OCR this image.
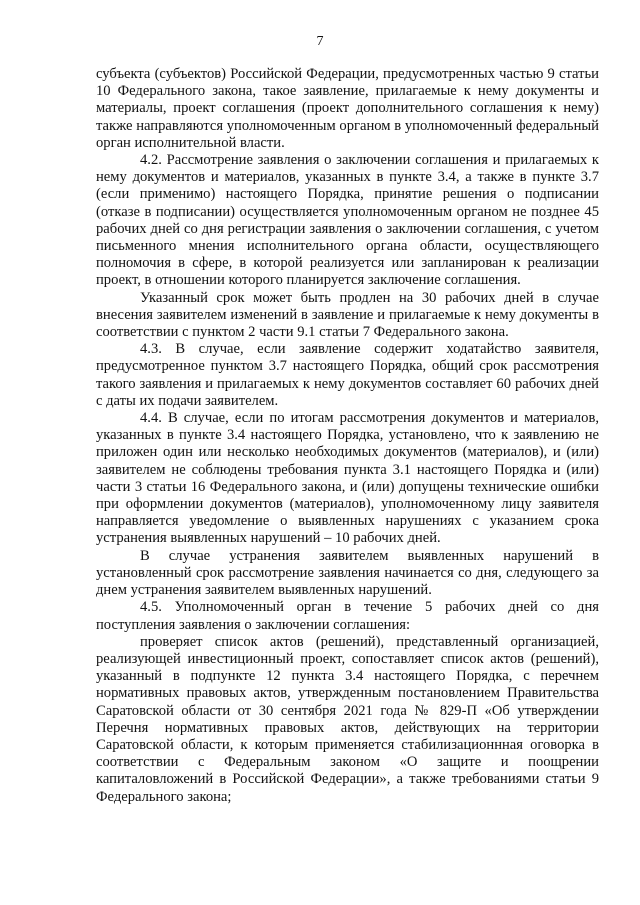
7

субъекта (субъектов) Российской Федерации, предусмотренных частью 9 статьи 10 Федерального закона, такое заявление, прилагаемые к нему документы и материалы, проект соглашения (проект дополнительного соглашения к нему) также направляются уполномоченным органом в уполномоченный федеральный орган исполнительной власти.

4.2. Рассмотрение заявления о заключении соглашения и прилагаемых к нему документов и материалов, указанных в пункте 3.4, а также в пункте 3.7 (если применимо) настоящего Порядка, принятие решения о подписании (отказе в подписании) осуществляется уполномоченным органом не позднее 45 рабочих дней со дня регистрации заявления о заключении соглашения, с учетом письменного мнения исполнительного органа области, осуществляющего полномочия в сфере, в которой реализуется или запланирован к реализации проект, в отношении которого планируется заключение соглашения.

Указанный срок может быть продлен на 30 рабочих дней в случае внесения заявителем изменений в заявление и прилагаемые к нему документы в соответствии с пунктом 2 части 9.1 статьи 7 Федерального закона.

4.3. В случае, если заявление содержит ходатайство заявителя, предусмотренное пунктом 3.7 настоящего Порядка, общий срок рассмотрения такого заявления и прилагаемых к нему документов составляет 60 рабочих дней с даты их подачи заявителем.

4.4. В случае, если по итогам рассмотрения документов и материалов, указанных в пункте 3.4 настоящего Порядка, установлено, что к заявлению не приложен один или несколько необходимых документов (материалов), и (или) заявителем не соблюдены требования пункта 3.1 настоящего Порядка и (или) части 3 статьи 16 Федерального закона, и (или) допущены технические ошибки при оформлении документов (материалов), уполномоченному лицу заявителя направляется уведомление о выявленных нарушениях с указанием срока устранения выявленных нарушений – 10 рабочих дней.

В случае устранения заявителем выявленных нарушений в установленный срок рассмотрение заявления начинается со дня, следующего за днем устранения заявителем выявленных нарушений.

4.5. Уполномоченный орган в течение 5 рабочих дней со дня поступления заявления о заключении соглашения:

проверяет список актов (решений), представленный организацией, реализующей инвестиционный проект, сопоставляет список актов (решений), указанный в подпункте 12 пункта 3.4 настоящего Порядка, с перечнем нормативных правовых актов, утвержденным постановлением Правительства Саратовской области от 30 сентября 2021 года № 829-П «Об утверждении Перечня нормативных правовых актов, действующих на территории Саратовской области, к которым применяется стабилизационнная оговорка в соответствии с Федеральным законом «О защите и поощрении капиталовложений в Российской Федерации», а также требованиями статьи 9 Федерального закона;
